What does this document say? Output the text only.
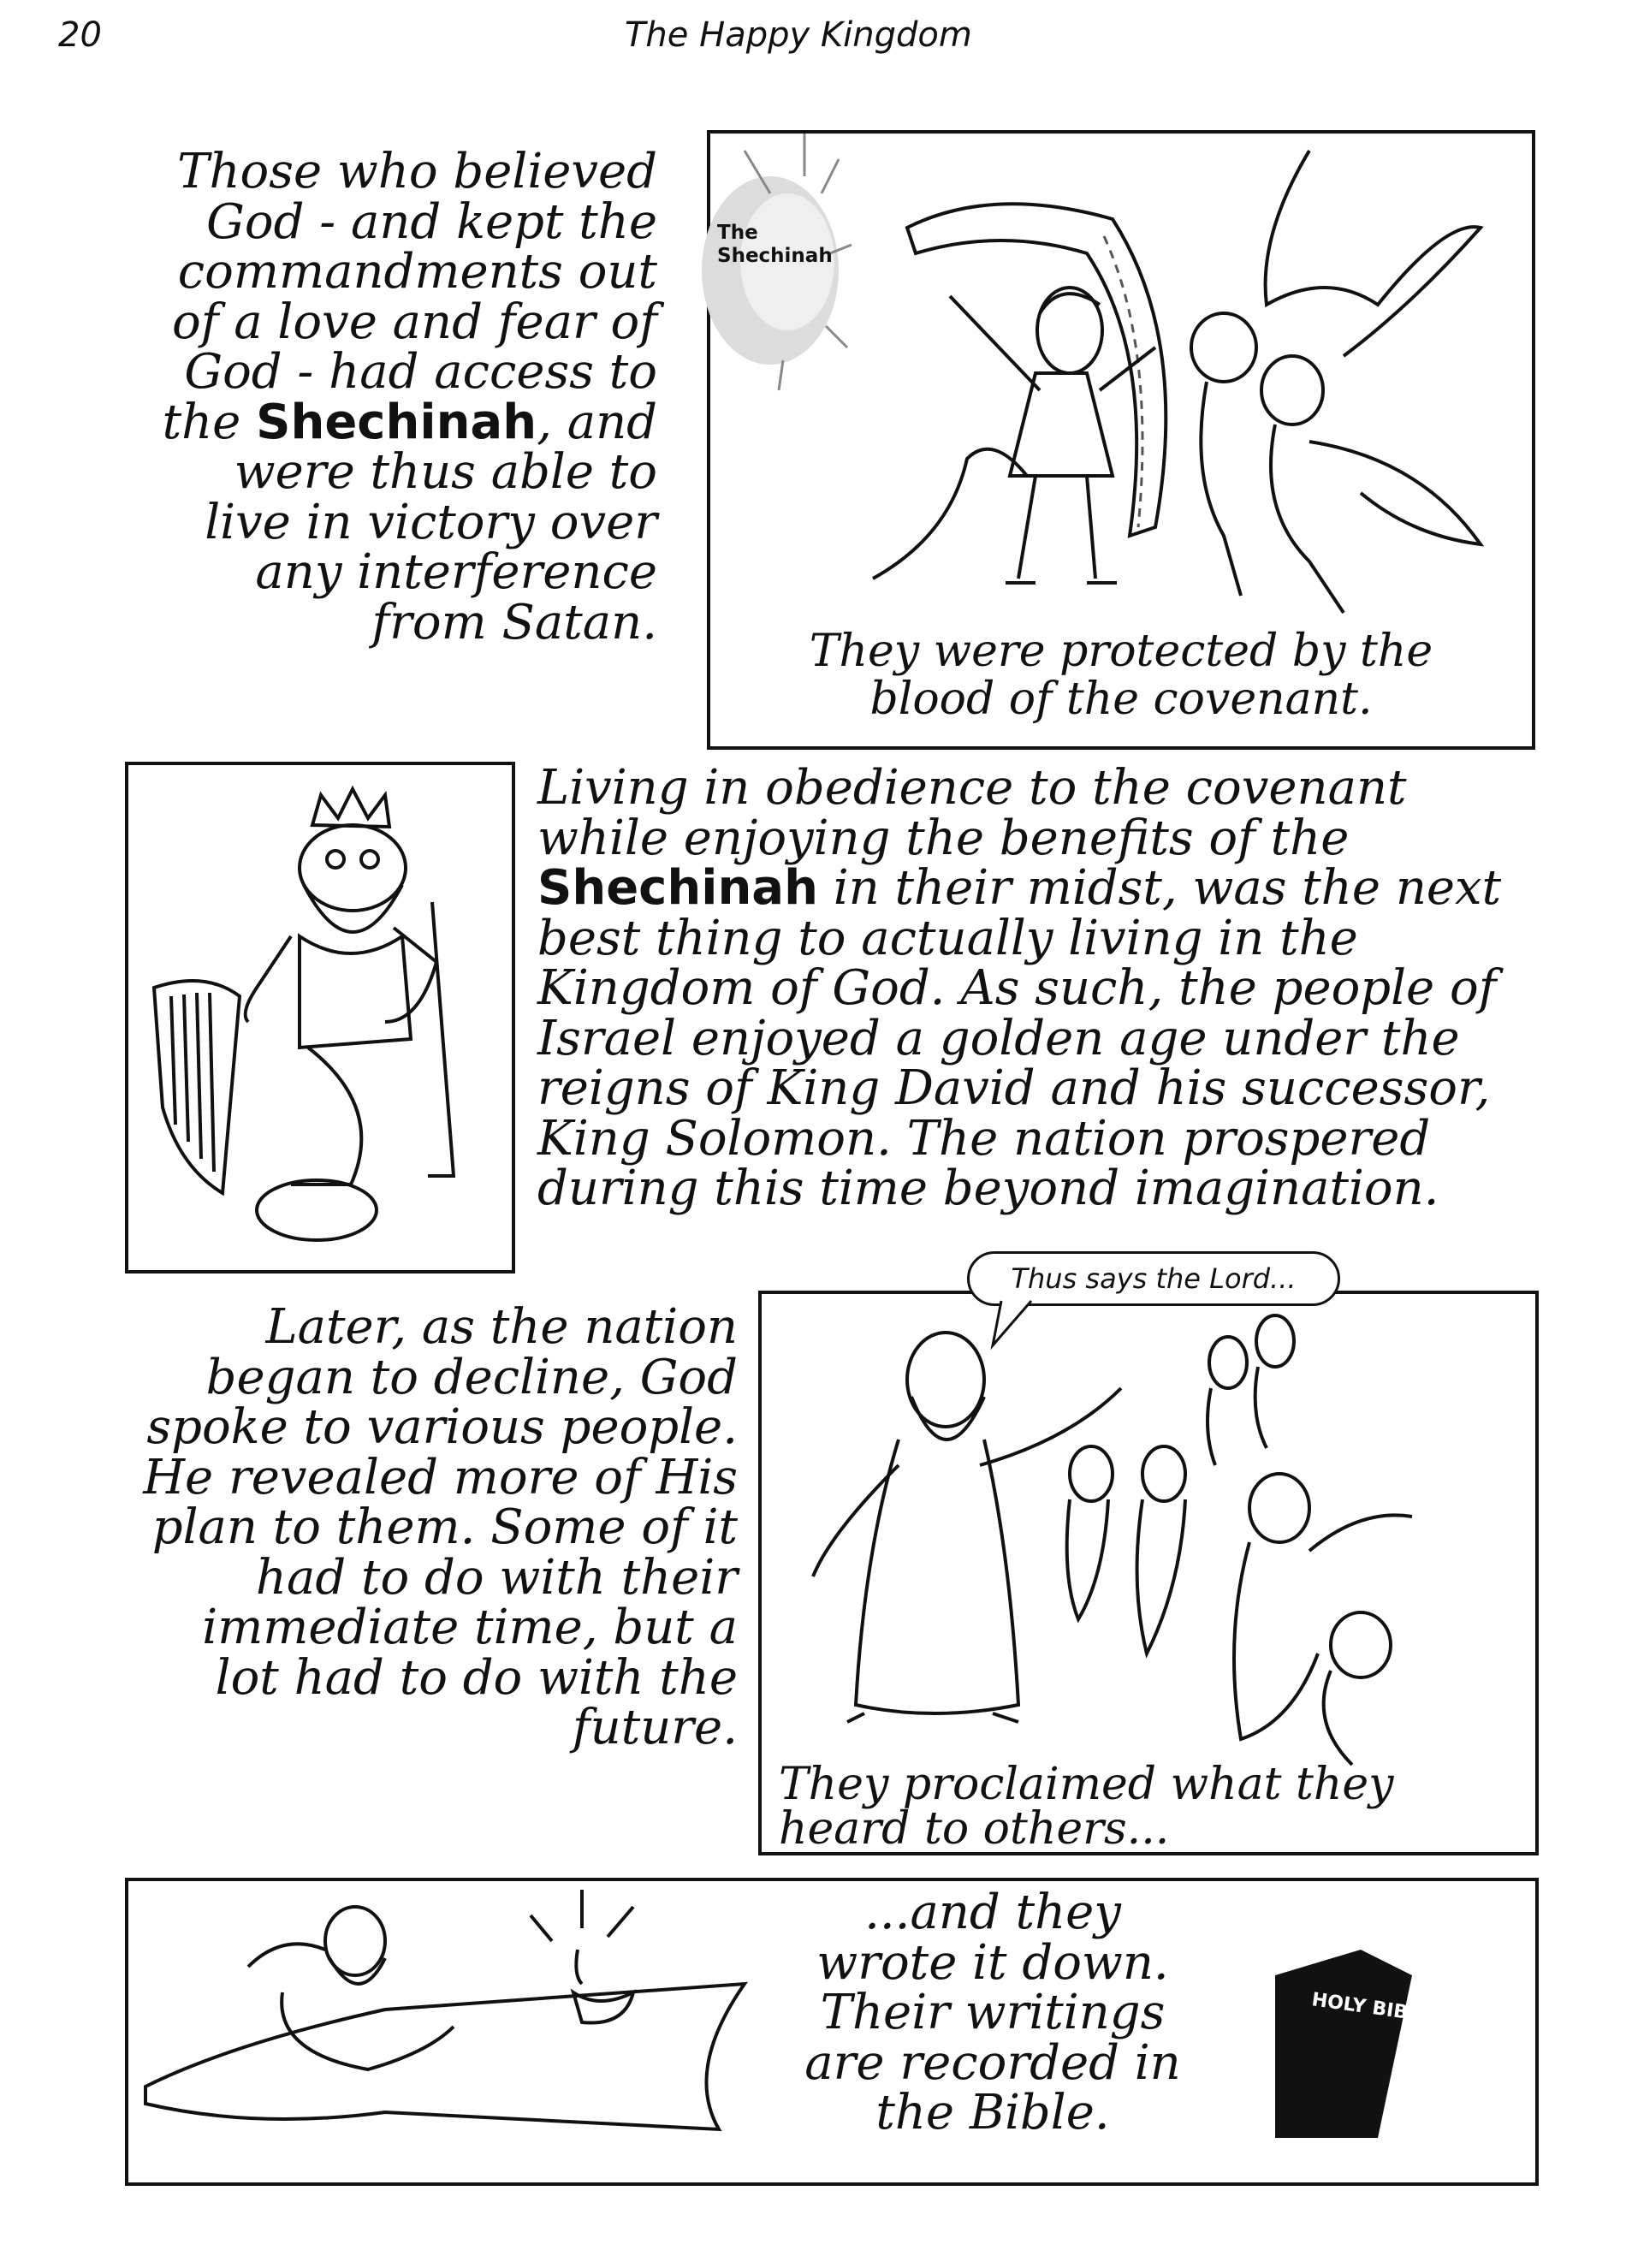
20	The Happy Kingdom
Those who believed
God - and kept the
commandments out
of a love and fear of
God - had access to
the Shechinah, and
were thus able to
live in victory over
any interference
from Satan.
The
Shechinah
They were protected by the
blood of the covenant.
Living in obedience to the covenant
while enjoying the benefits of the
Shechinah in their midst, was the next
best thing to actually living in the
Kingdom of God. As such, the people of
Israel enjoyed a golden age under the
reigns of King David and his successor,
King Solomon. The nation prospered
during this time beyond imagination.
Later, as the nation
began to decline, God
spoke to various people.
He revealed more of His
plan to them. Some of it
had to do with their
immediate time, but a
lot had to do with the
future.
They proclaimed what they
heard to others...
Thus says the Lord...
HOLY BIBLE
...and they
wrote it down.
Their writings
are recorded in
the Bible.
